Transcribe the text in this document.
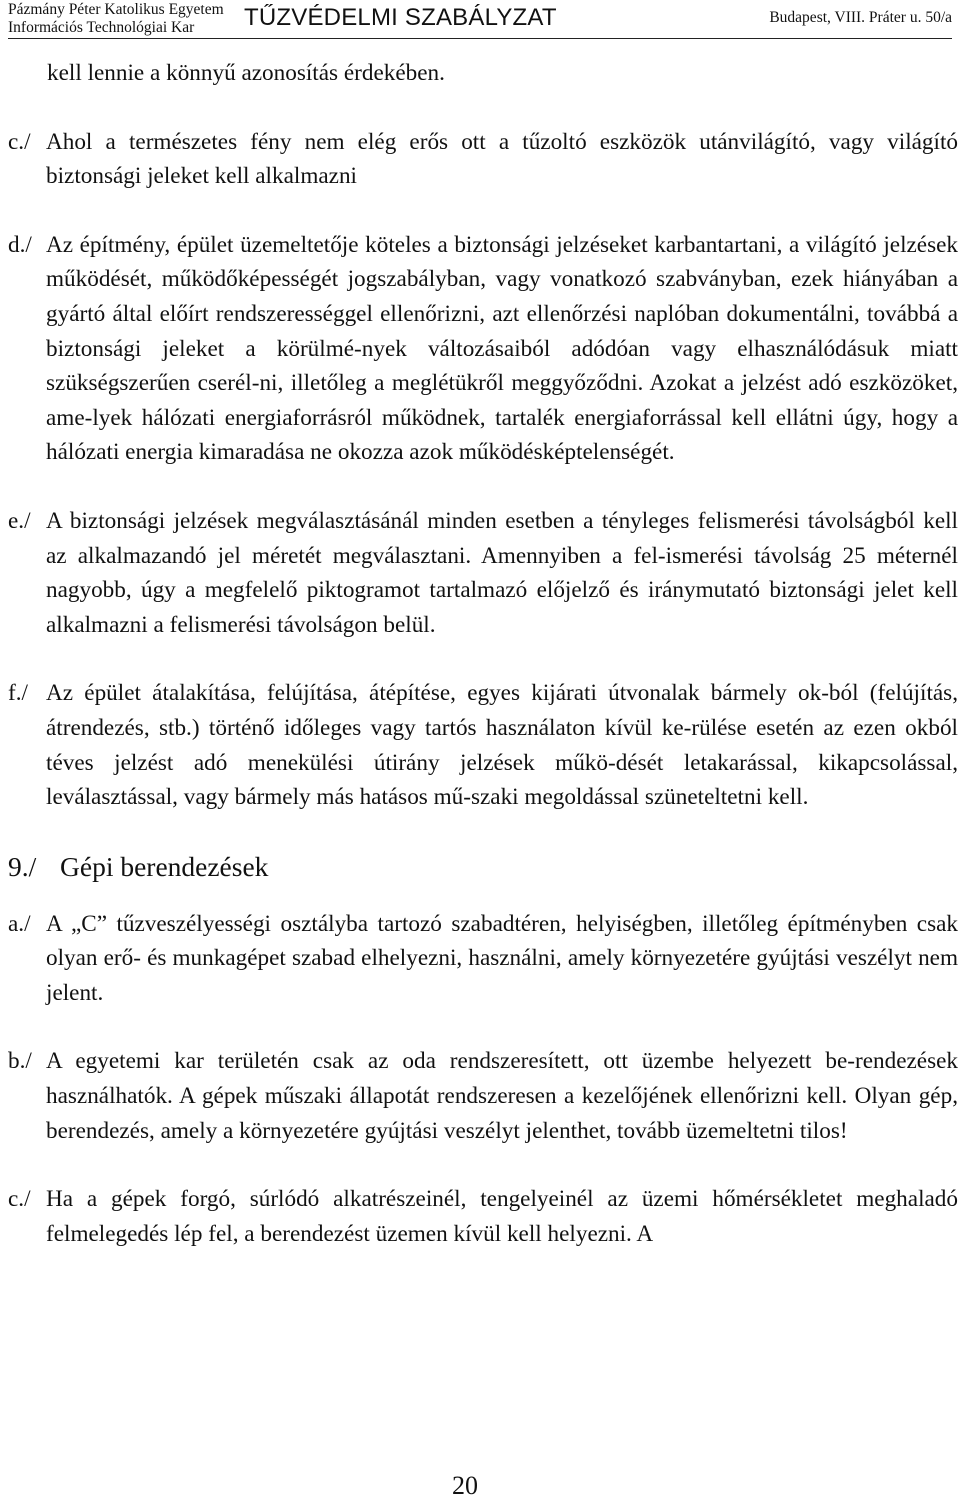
Pázmány Péter Katolikus Egyetem
Információs Technológiai Kar	TŰZVÉDELMI SZABÁLYZAT	Budapest, VIII. Práter u. 50/a

kell lennie a könnyű azonosítás érdekében.

c./ Ahol a természetes fény nem elég erős ott a tűzoltó eszközök utánvilágító, vagy világító biztonsági jeleket kell alkalmazni
d./ Az építmény, épület üzemeltetője köteles a biztonsági jelzéseket karbantartani, a világító jelzések működését, működőképességét jogszabályban, vagy vonatkozó szabványban, ezek hiányában a gyártó által előírt rendszerességgel ellenőrizni, azt ellenőrzési naplóban dokumentálni, továbbá a biztonsági jeleket a körülmé-nyek változásaiból adódóan vagy elhasználódásuk miatt szükségszerűen cserél-ni, illetőleg a meglétükről meggyőződni. Azokat a jelzést adó eszközöket, ame-lyek hálózati energiaforrásról működnek, tartalék energiaforrással kell ellátni úgy, hogy a hálózati energia kimaradása ne okozza azok működésképtelenségét.
e./ A biztonsági jelzések megválasztásánál minden esetben a tényleges felismerési távolságból kell az alkalmazandó jel méretét megválasztani. Amennyiben a fel-ismerési távolság 25 méternél nagyobb, úgy a megfelelő piktogramot tartalmazó előjelző és iránymutató biztonsági jelet kell alkalmazni a felismerési távolságon belül.
f./ Az épület átalakítása, felújítása, átépítése, egyes kijárati útvonalak bármely ok-ból (felújítás, átrendezés, stb.) történő időleges vagy tartós használaton kívül ke-rülése esetén az ezen okból téves jelzést adó menekülési útirány jelzések műkö-dését letakarással, kikapcsolással, leválasztással, vagy bármely más hatásos mű-szaki megoldással szüneteltetni kell.
9./ Gépi berendezések
a./ A „C” tűzveszélyességi osztályba tartozó szabadtéren, helyiségben, illetőleg építményben csak olyan erő- és munkagépet szabad elhelyezni, használni, amely környezetére gyújtási veszélyt nem jelent.
b./ A egyetemi kar területén csak az oda rendszeresített, ott üzembe helyezett be-rendezések használhatók. A gépek műszaki állapotát rendszeresen a kezelőjének ellenőrizni kell. Olyan gép, berendezés, amely a környezetére gyújtási veszélyt jelenthet, tovább üzemeltetni tilos!
c./ Ha a gépek forgó, súrlódó alkatrészeinél, tengelyeinél az üzemi hőmérsékletet meghaladó felmelegedés lép fel, a berendezést üzemen kívül kell helyezni. A
20
